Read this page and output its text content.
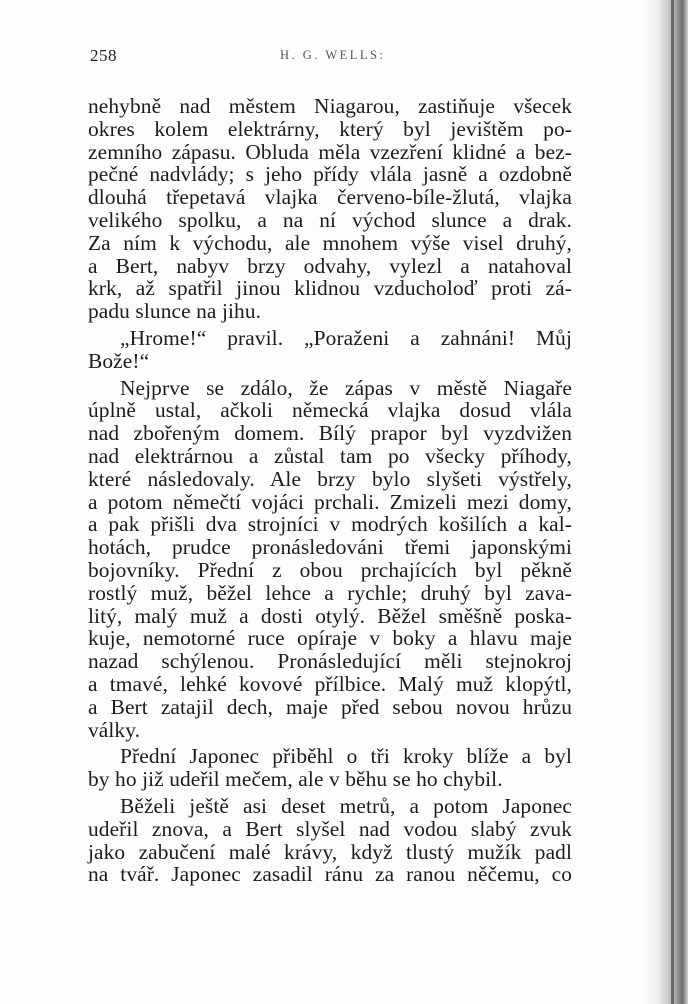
258	H. G. WELLS:
nehybně nad městem Niagarou, zastiňuje všecek
okres kolem elektrárny, který byl jevištěm po-
zemního zápasu. Obluda měla vzezření klidné a bez-
pečné nadvlády; s jeho přídy vlála jasně a ozdobně
dlouhá třepetavá vlajka červeno-bíle-žlutá, vlajka
velikého spolku, a na ní východ slunce a drak.
Za ním k východu, ale mnohem výše visel druhý,
a Bert, nabyv brzy odvahy, vylezl a natahoval
krk, až spatřil jinou klidnou vzducholoď proti zá-
padu slunce na jihu.
„Hrome!“ pravil. „Poraženi a zahnáni! Můj
Bože!“
Nejprve se zdálo, že zápas v městě Niagaře
úplně ustal, ačkoli německá vlajka dosud vlála
nad zbořeným domem. Bílý prapor byl vyzdvižen
nad elektrárnou a zůstal tam po všecky příhody,
které následovaly. Ale brzy bylo slyšeti výstřely,
a potom němečtí vojáci prchali. Zmizeli mezi domy,
a pak přišli dva strojníci v modrých košilích a kal-
hotách, prudce pronásledováni třemi japonskými
bojovníky. Přední z obou prchajících byl pěkně
rostlý muž, běžel lehce a rychle; druhý byl zava-
litý, malý muž a dosti otylý. Běžel směšně poska-
kuje, nemotorné ruce opíraje v boky a hlavu maje
nazad schýlenou. Pronásledující měli stejnokroj
a tmavé, lehké kovové přílbice. Malý muž klopýtl,
a Bert zatajil dech, maje před sebou novou hrůzu
války.
Přední Japonec přiběhl o tři kroky blíže a byl
by ho již udeřil mečem, ale v běhu se ho chybil.
Běželi ještě asi deset metrů, a potom Japonec
udeřil znova, a Bert slyšel nad vodou slabý zvuk
jako zabučení malé krávy, když tlustý mužík padl
na tvář. Japonec zasadil ránu za ranou něčemu, co
